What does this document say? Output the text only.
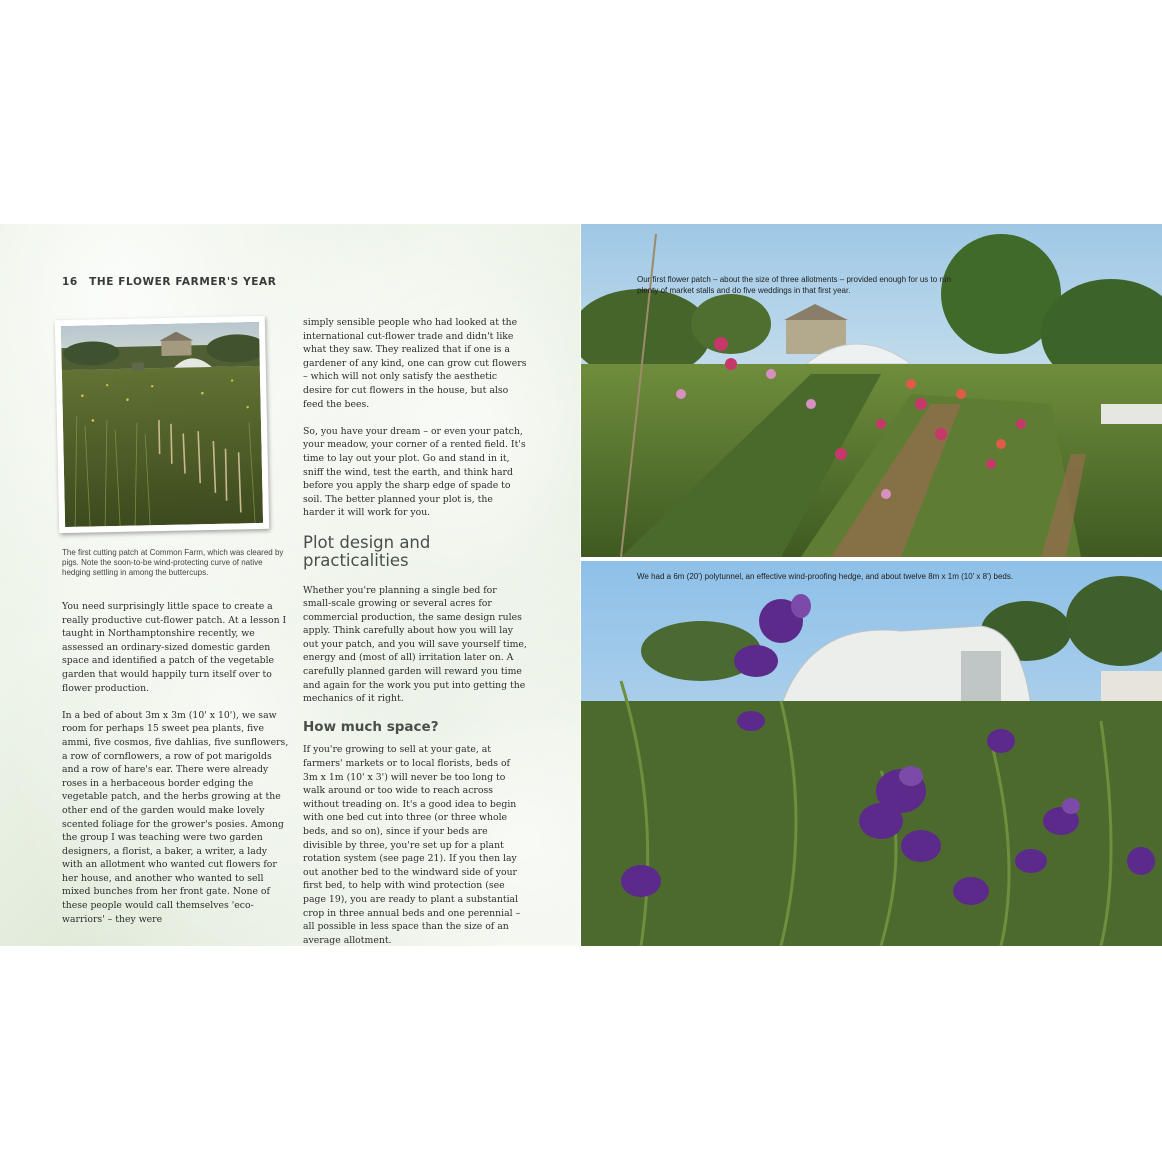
16 THE FLOWER FARMER'S YEAR
The first cutting patch at Common Farm, which was cleared by pigs. Note the soon-to-be wind-protecting curve of native hedging settling in among the buttercups.

You need surprisingly little space to create a really productive cut-flower patch. At a lesson I taught in Northamptonshire recently, we assessed an ordinary-sized domestic garden space and identified a patch of the vegetable garden that would happily turn itself over to flower production.

In a bed of about 3m x 3m (10' x 10'), we saw room for perhaps 15 sweet pea plants, five ammi, five cosmos, five dahlias, five sunflowers, a row of cornflowers, a row of pot marigolds and a row of hare's ear. There were already roses in a herbaceous border edging the vegetable patch, and the herbs growing at the other end of the garden would make lovely scented foliage for the grower's posies. Among the group I was teaching were two garden designers, a florist, a baker, a writer, a lady with an allotment who wanted cut flowers for her house, and another who wanted to sell mixed bunches from her front gate. None of these people would call themselves 'eco-warriors' – they were

simply sensible people who had looked at the international cut-flower trade and didn't like what they saw. They realized that if one is a gardener of any kind, one can grow cut flowers – which will not only satisfy the aesthetic desire for cut flowers in the house, but also feed the bees.

So, you have your dream – or even your patch, your meadow, your corner of a rented field. It's time to lay out your plot. Go and stand in it, sniff the wind, test the earth, and think hard before you apply the sharp edge of spade to soil. The better planned your plot is, the harder it will work for you.

Plot design and practicalities

Whether you're planning a single bed for small-scale growing or several acres for commercial production, the same design rules apply. Think carefully about how you will lay out your patch, and you will save yourself time, energy and (most of all) irritation later on. A carefully planned garden will reward you time and again for the work you put into getting the mechanics of it right.

How much space?

If you're growing to sell at your gate, at farmers' markets or to local florists, beds of 3m x 1m (10' x 3') will never be too long to walk around or too wide to reach across without treading on. It's a good idea to begin with one bed cut into three (or three whole beds, and so on), since if your beds are divisible by three, you're set up for a plant rotation system (see page 21). If you then lay out another bed to the windward side of your first bed, to help with wind protection (see page 19), you are ready to plant a substantial crop in three annual beds and one perennial – all possible in less space than the size of an average allotment.

Our first flower patch – about the size of three allotments – provided enough for us to run plenty of market stalls and do five weddings in that first year.
We had a 6m (20') polytunnel, an effective wind-proofing hedge, and about twelve 8m x 1m (10' x 8') beds.
